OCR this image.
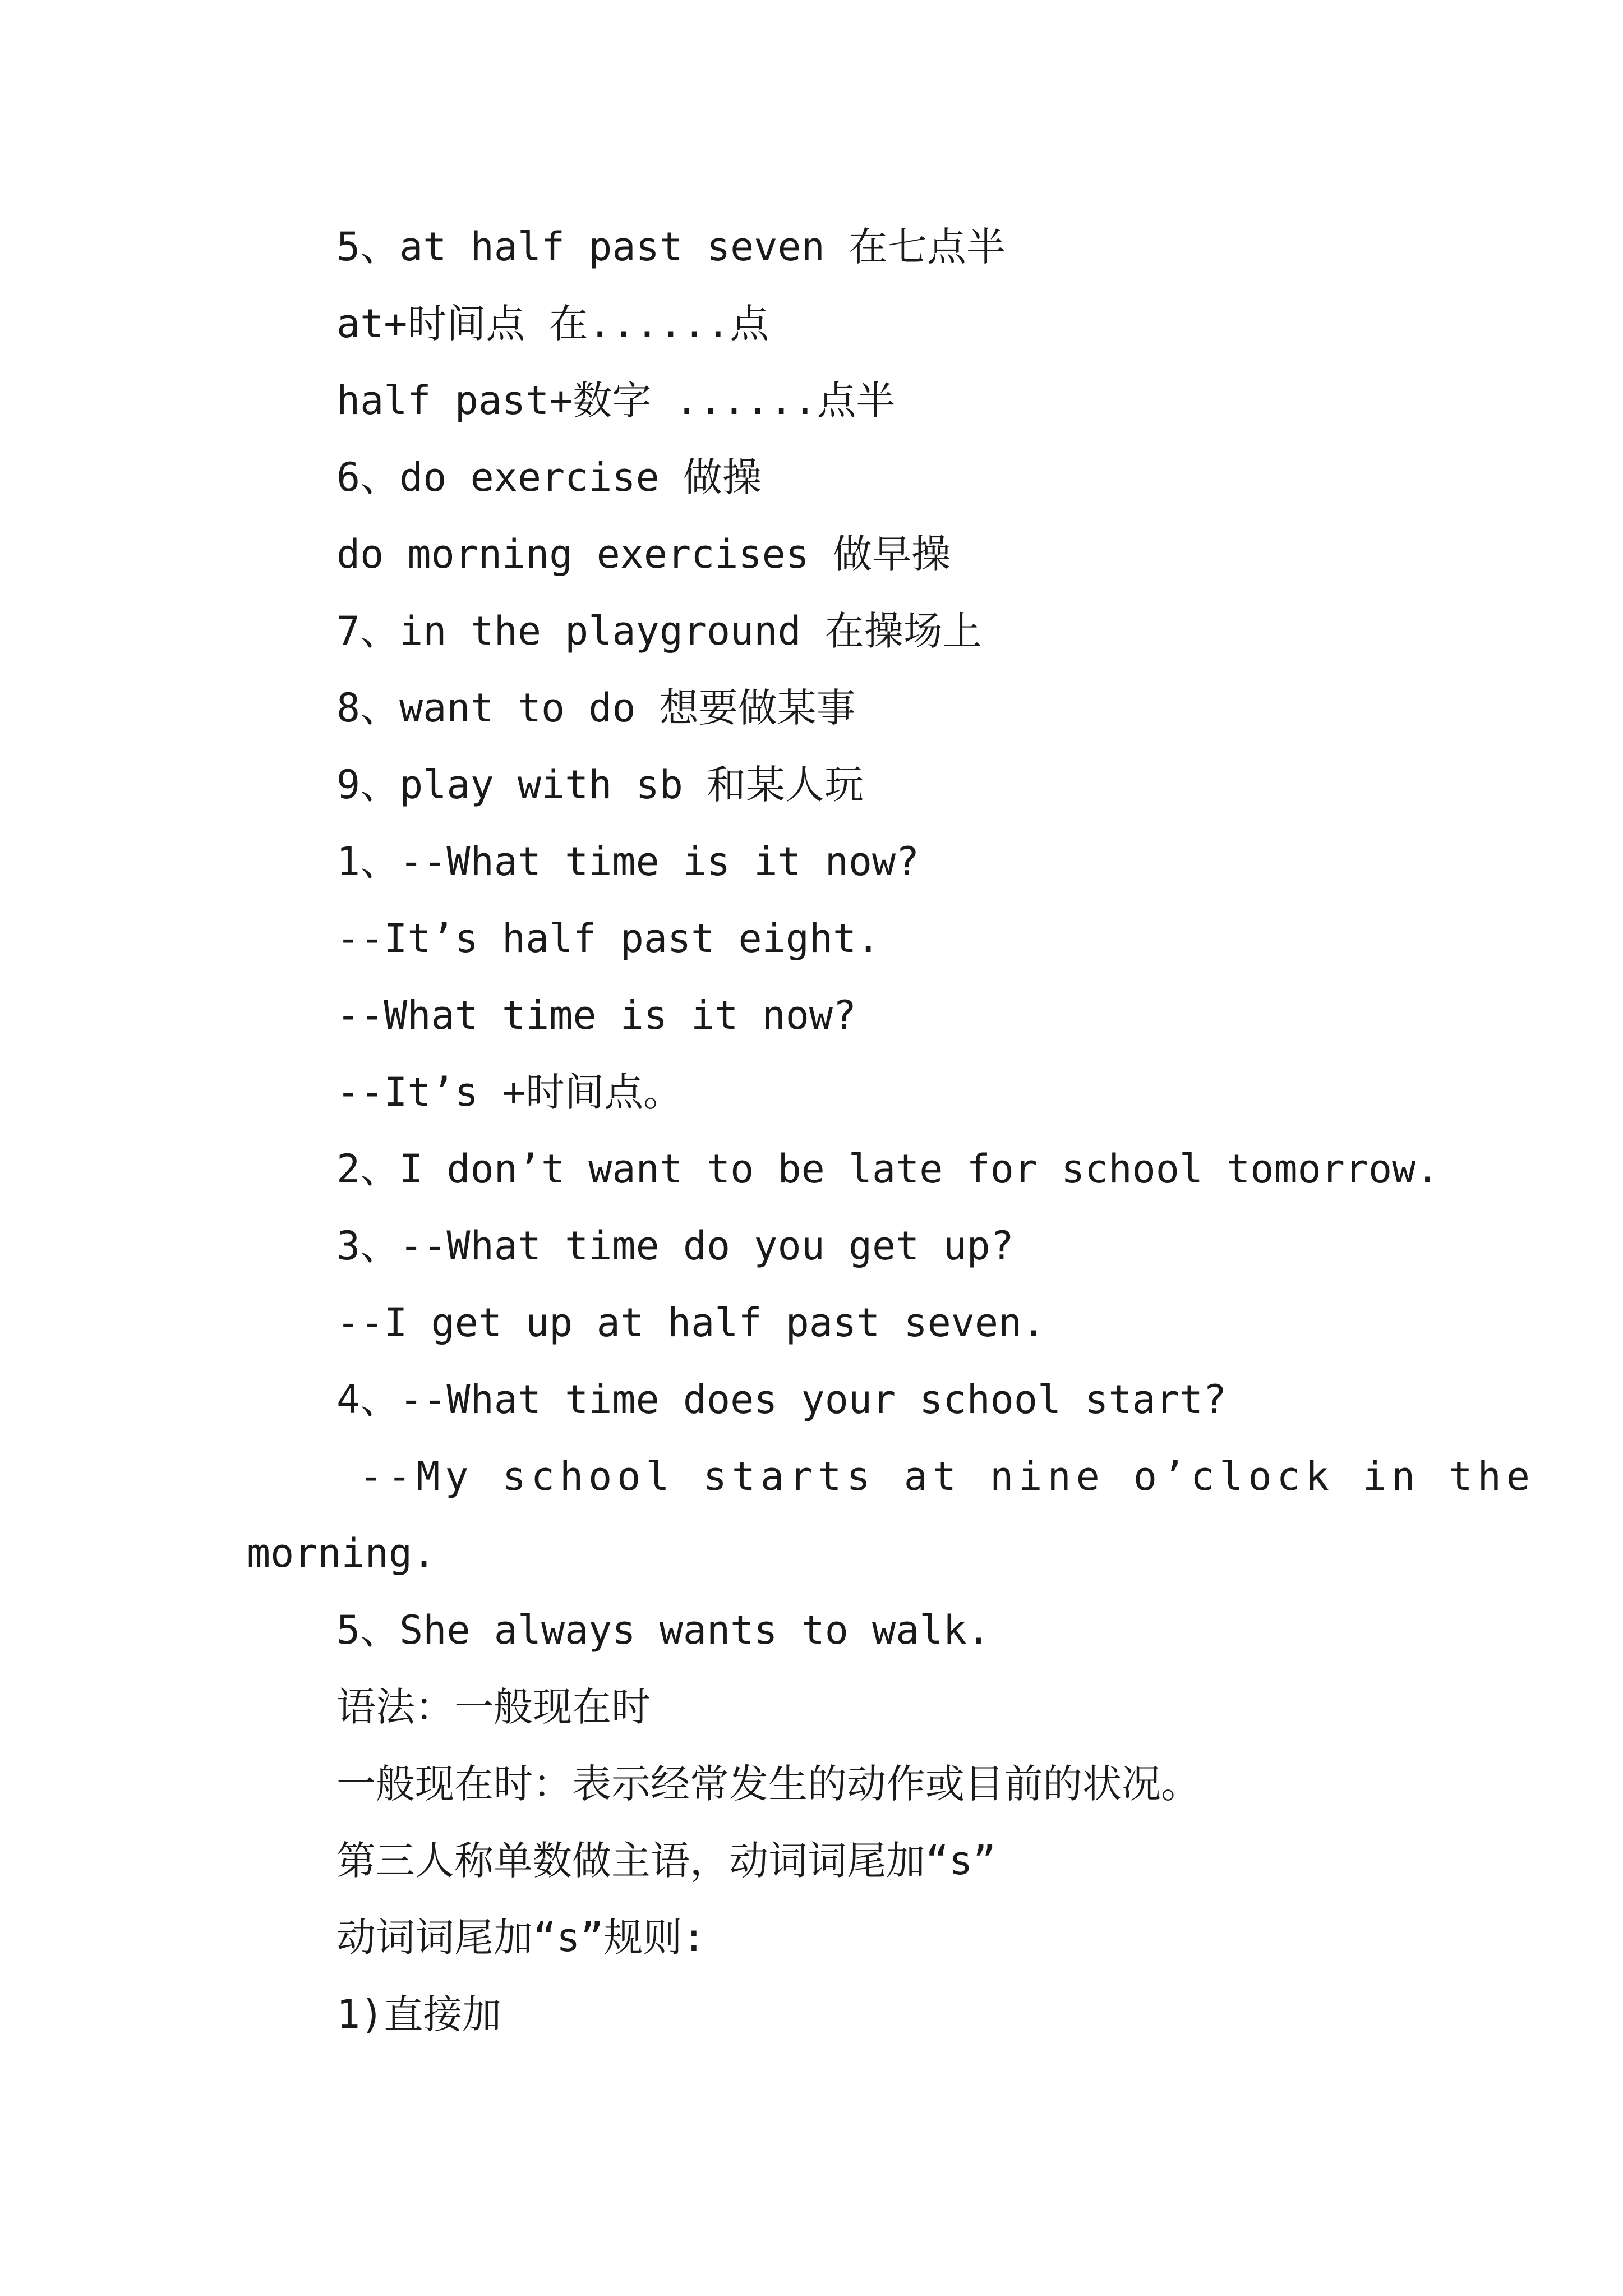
5、at half past seven 在七点半
at+时间点 在......点
half past+数字 ......点半
6、do exercise 做操
do morning exercises 做早操
7、in the playground 在操场上
8、want to do 想要做某事
9、play with sb 和某人玩
1、--What time is it now?
--It’s half past eight.
--What time is it now?
--It’s +时间点。
2、I don’t want to be late for school tomorrow.
3、--What time do you get up?
--I get up at half past seven.
4、--What time does your school start?
--My school starts at nine o’clock in the
morning.
5、She always wants to walk.
语法：一般现在时
一般现在时：表示经常发生的动作或目前的状况。
第三人称单数做主语，动词词尾加“s”
动词词尾加“s”规则:
1)直接加
